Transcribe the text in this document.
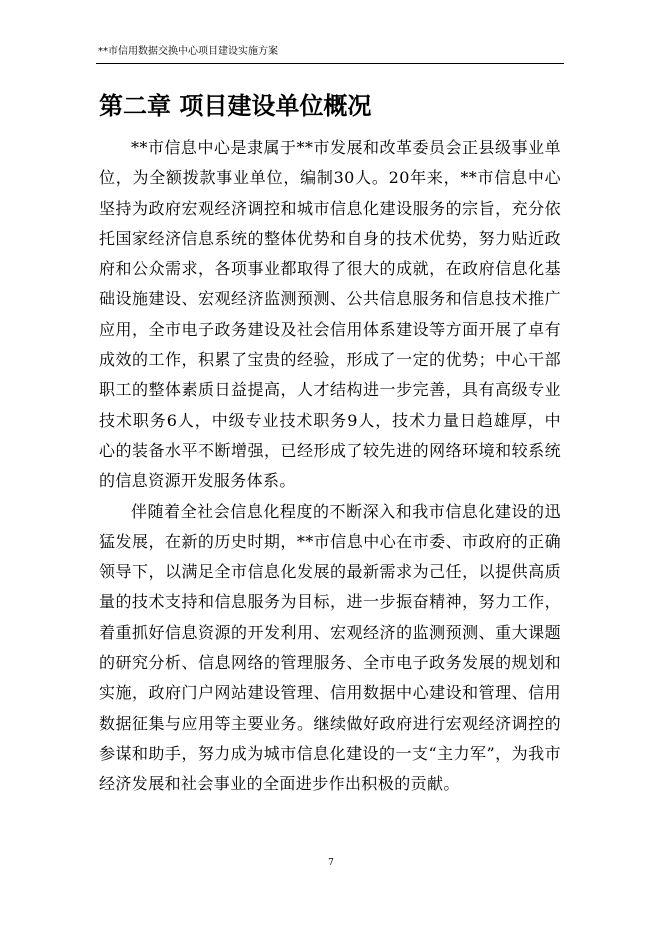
**市信用数据交换中心项目建设实施方案
第二章 项目建设单位概况

**市信息中心是隶属于**市发展和改革委员会正县级事业单位，为全额拨款事业单位，编制30人。20年来，**市信息中心坚持为政府宏观经济调控和城市信息化建设服务的宗旨，充分依托国家经济信息系统的整体优势和自身的技术优势，努力贴近政府和公众需求，各项事业都取得了很大的成就，在政府信息化基础设施建设、宏观经济监测预测、公共信息服务和信息技术推广应用，全市电子政务建设及社会信用体系建设等方面开展了卓有成效的工作，积累了宝贵的经验，形成了一定的优势；中心干部职工的整体素质日益提高，人才结构进一步完善，具有高级专业技术职务6人，中级专业技术职务9人，技术力量日趋雄厚，中心的装备水平不断增强，已经形成了较先进的网络环境和较系统的信息资源开发服务体系。

伴随着全社会信息化程度的不断深入和我市信息化建设的迅猛发展，在新的历史时期，**市信息中心在市委、市政府的正确领导下，以满足全市信息化发展的最新需求为己任，以提供高质量的技术支持和信息服务为目标，进一步振奋精神，努力工作，着重抓好信息资源的开发利用、宏观经济的监测预测、重大课题的研究分析、信息网络的管理服务、全市电子政务发展的规划和实施，政府门户网站建设管理、信用数据中心建设和管理、信用数据征集与应用等主要业务。继续做好政府进行宏观经济调控的参谋和助手，努力成为城市信息化建设的一支“主力军”，为我市经济发展和社会事业的全面进步作出积极的贡献。

7
